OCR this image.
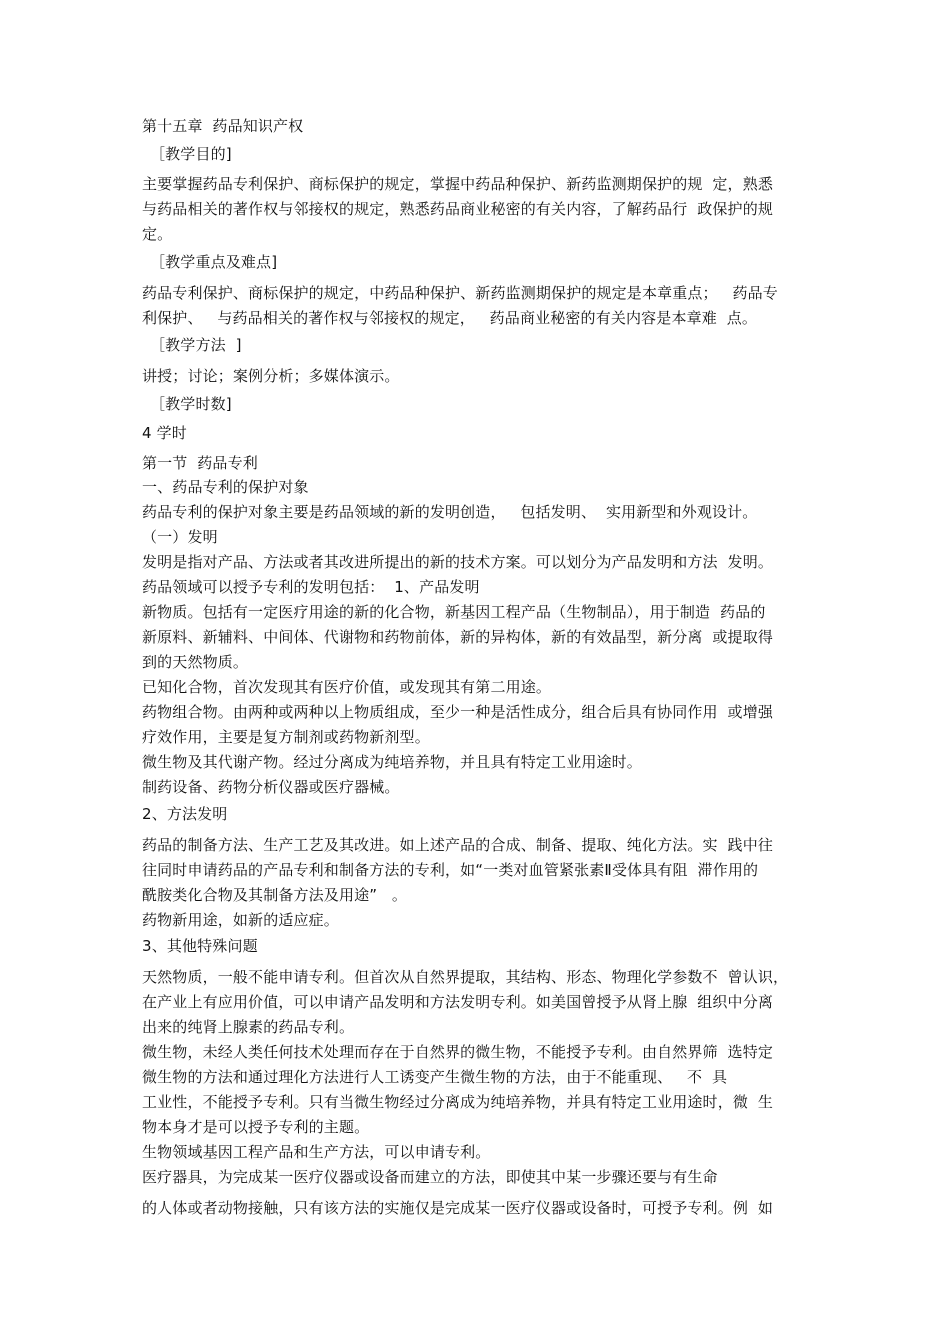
第十五章  药品知识产权
［教学目的]
主要掌握药品专利保护、商标保护的规定，掌握中药品种保护、新药监测期保护的规  定，熟悉
与药品相关的著作权与邻接权的规定，熟悉药品商业秘密的有关内容，了解药品行  政保护的规
定。
［教学重点及难点]
药品专利保护、商标保护的规定，中药品种保护、新药监测期保护的规定是本章重点；   药品专
利保护、   与药品相关的著作权与邻接权的规定，   药品商业秘密的有关内容是本章难  点。
［教学方法  ]
讲授；讨论；案例分析；多媒体演示。
［教学时数]
4 学时
第一节  药品专利
一、药品专利的保护对象
药品专利的保护对象主要是药品领域的新的发明创造，   包括发明、  实用新型和外观设计。
（一）发明
发明是指对产品、方法或者其改进所提出的新的技术方案。可以划分为产品发明和方法  发明。
药品领域可以授予专利的发明包括：  1、产品发明
新物质。包括有一定医疗用途的新的化合物，新基因工程产品（生物制品），用于制造  药品的
新原料、新辅料、中间体、代谢物和药物前体，新的异构体，新的有效晶型，新分离  或提取得
到的天然物质。
已知化合物，首次发现其有医疗价值，或发现其有第二用途。
药物组合物。由两种或两种以上物质组成，至少一种是活性成分，组合后具有协同作用  或增强
疗效作用，主要是复方制剂或药物新剂型。
微生物及其代谢产物。经过分离成为纯培养物，并且具有特定工业用途时。
制药设备、药物分析仪器或医疗器械。
2、方法发明
药品的制备方法、生产工艺及其改进。如上述产品的合成、制备、提取、纯化方法。实  践中往
往同时申请药品的产品专利和制备方法的专利，如“一类对血管紧张素Ⅱ受体具有阻  滞作用的
酰胺类化合物及其制备方法及用途”   。
药物新用途，如新的适应症。
3、其他特殊问题
天然物质，一般不能申请专利。但首次从自然界提取，其结构、形态、物理化学参数不  曾认识，
在产业上有应用价值，可以申请产品发明和方法发明专利。如美国曾授予从肾上腺  组织中分离
出来的纯肾上腺素的药品专利。
微生物，未经人类任何技术处理而存在于自然界的微生物，不能授予专利。由自然界筛  选特定
微生物的方法和通过理化方法进行人工诱变产生微生物的方法，由于不能重现、   不  具
工业性，不能授予专利。只有当微生物经过分离成为纯培养物，并具有特定工业用途时，微  生
物本身才是可以授予专利的主题。
生物领域基因工程产品和生产方法，可以申请专利。
医疗器具，为完成某一医疗仪器或设备而建立的方法，即使其中某一步骤还要与有生命
的人体或者动物接触，只有该方法的实施仅是完成某一医疗仪器或设备时，可授予专利。例  如
